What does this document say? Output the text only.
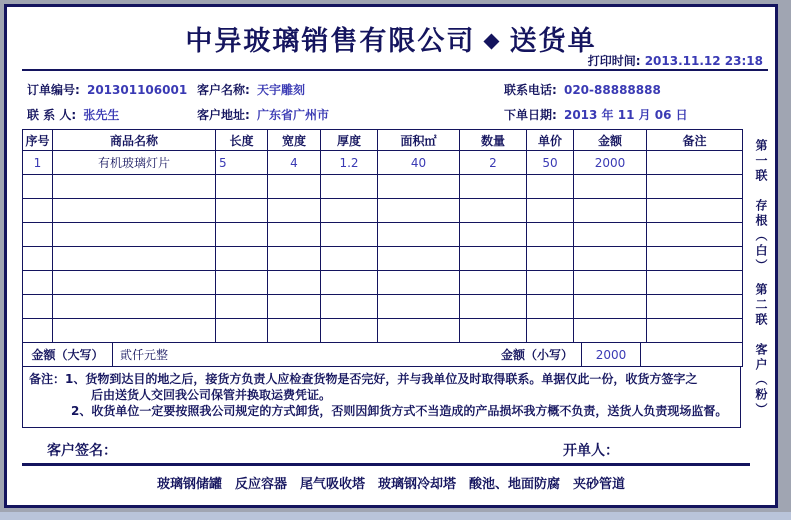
中异玻璃销售有限公司 ◆ 送货单
打印时间: 2013.11.12 23:18
订单编号: 201301106001 客户名称: 天宇雕刻	联系电话: 020-88888888
联 系 人: 张先生	客户地址: 广东省广州市	下单日期: 2013 年 11 月 06 日
序号	商品名称	长度	宽度	厚度	面积㎡	数量	单价	金额	备注
1	有机玻璃灯片	5	4	1.2	40	2	50	2000	

金额（大写）	貮仟元整	金额（小写）	2000
备注：1、货物到达目的地之后，接货方负责人应检查货物是否完好，并与我单位及时取得联系。单据仅此一份，收货方签字之
后由送货人交回我公司保管并换取运费凭证。
2、收货单位一定要按照我公司规定的方式卸货，否则因卸货方式不当造成的产品损坏我方概不负责，送货人负责现场监督。	第一联　存根（白）　第二联　客户（粉）
客户签名：	开单人：
玻璃钢储罐　反应容器　尾气吸收塔　玻璃钢冷却塔　酸池、地面防腐　夹砂管道
